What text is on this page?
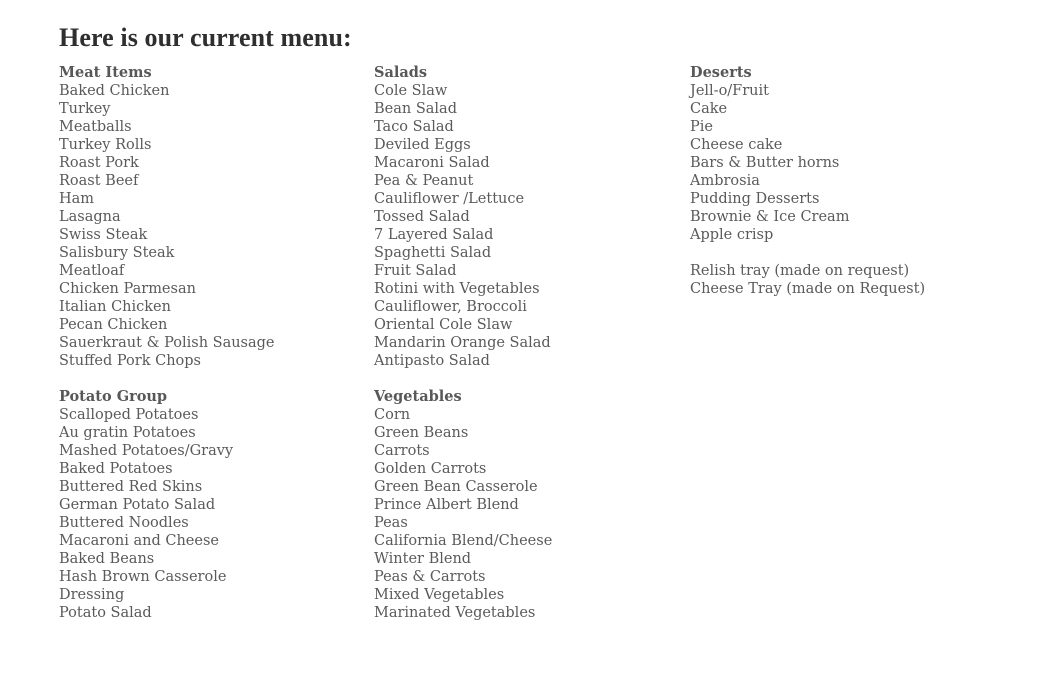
Here is our current menu:
Meat Items
Baked Chicken
Turkey
Meatballs
Turkey Rolls
Roast Pork
Roast Beef
Ham
Lasagna
Swiss Steak
Salisbury Steak
Meatloaf
Chicken Parmesan
Italian Chicken
Pecan Chicken
Sauerkraut & Polish Sausage
Stuffed Pork Chops
Potato Group
Scalloped Potatoes
Au gratin Potatoes
Mashed Potatoes/Gravy
Baked Potatoes
Buttered Red Skins
German Potato Salad
Buttered Noodles
Macaroni and Cheese
Baked Beans
Hash Brown Casserole
Dressing
Potato Salad
Salads
Cole Slaw
Bean Salad
Taco Salad
Deviled Eggs
Macaroni Salad
Pea & Peanut
Cauliflower /Lettuce
Tossed Salad
7 Layered Salad
Spaghetti Salad
Fruit Salad
Rotini with Vegetables
Cauliflower, Broccoli
Oriental Cole Slaw
Mandarin Orange Salad
Antipasto Salad
Vegetables
Corn
Green Beans
Carrots
Golden Carrots
Green Bean Casserole
Prince Albert Blend
Peas
California Blend/Cheese
Winter Blend
Peas & Carrots
Mixed Vegetables
Marinated Vegetables
Deserts
Jell-o/Fruit
Cake
Pie
Cheese cake
Bars & Butter horns
Ambrosia
Pudding Desserts
Brownie & Ice Cream
Apple crisp
Relish tray (made on request)
Cheese Tray (made on Request)
